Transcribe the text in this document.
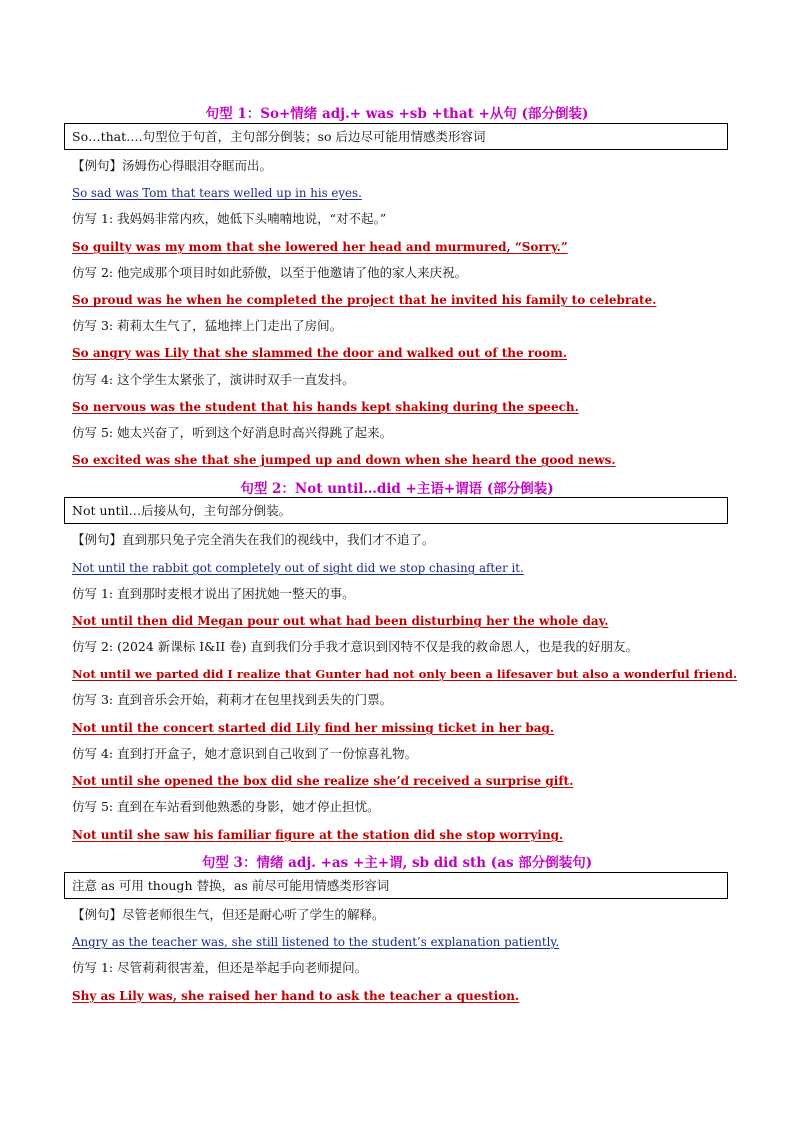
句型 1：So+情绪 adj.+ was +sb +that +从句 (部分倒装)
So…that….句型位于句首，主句部分倒装；so 后边尽可能用情感类形容词
【例句】汤姆伤心得眼泪夺眶而出。
So sad was Tom that tears welled up in his eyes.
仿写 1: 我妈妈非常内疚，她低下头喃喃地说，“对不起。”
So guilty was my mom that she lowered her head and murmured, “Sorry.”
仿写 2: 他完成那个项目时如此骄傲，以至于他邀请了他的家人来庆祝。
So proud was he when he completed the project that he invited his family to celebrate.
仿写 3: 莉莉太生气了，猛地摔上门走出了房间。
So angry was Lily that she slammed the door and walked out of the room.
仿写 4: 这个学生太紧张了，演讲时双手一直发抖。
So nervous was the student that his hands kept shaking during the speech.
仿写 5: 她太兴奋了，听到这个好消息时高兴得跳了起来。
So excited was she that she jumped up and down when she heard the good news.
句型 2：Not until…did +主语+谓语 (部分倒装)
Not until…后接从句，主句部分倒装。
【例句】直到那只兔子完全消失在我们的视线中，我们才不追了。
Not until the rabbit got completely out of sight did we stop chasing after it.
仿写 1: 直到那时麦根才说出了困扰她一整天的事。
Not until then did Megan pour out what had been disturbing her the whole day.
仿写 2: (2024 新课标 I&II 卷) 直到我们分手我才意识到冈特不仅是我的救命恩人，也是我的好朋友。
Not until we parted did I realize that Gunter had not only been a lifesaver but also a wonderful friend.
仿写 3: 直到音乐会开始，莉莉才在包里找到丢失的门票。
Not until the concert started did Lily find her missing ticket in her bag.
仿写 4: 直到打开盒子，她才意识到自己收到了一份惊喜礼物。
Not until she opened the box did she realize she’d received a surprise gift.
仿写 5: 直到在车站看到他熟悉的身影，她才停止担忧。
Not until she saw his familiar figure at the station did she stop worrying.
句型 3：情绪 adj. +as +主+谓, sb did sth (as 部分倒装句)
注意 as 可用 though 替换，as 前尽可能用情感类形容词
【例句】尽管老师很生气，但还是耐心听了学生的解释。
Angry as the teacher was, she still listened to the student’s explanation patiently.
仿写 1: 尽管莉莉很害羞，但还是举起手向老师提问。
Shy as Lily was, she raised her hand to ask the teacher a question.
